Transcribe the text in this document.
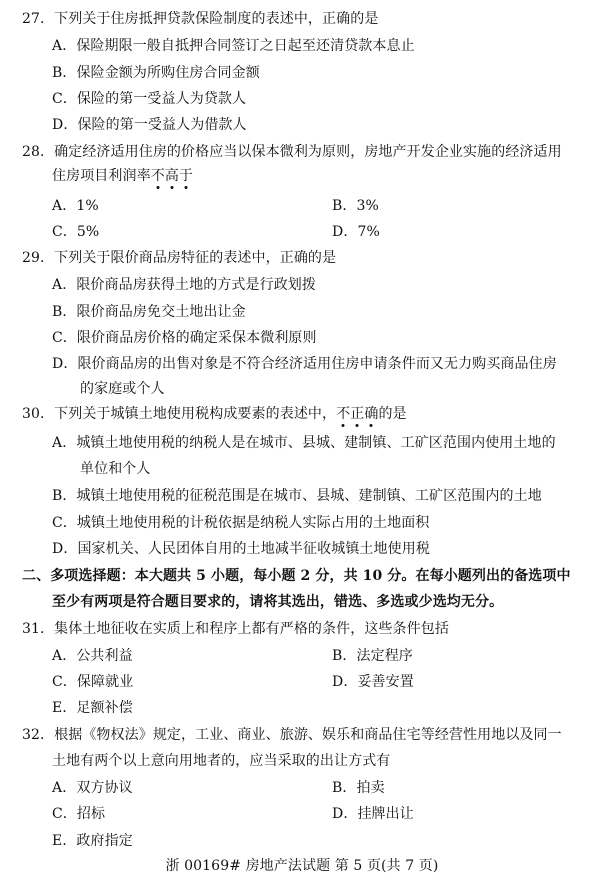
27．下列关于住房抵押贷款保险制度的表述中，正确的是
A．保险期限一般自抵押合同签订之日起至还清贷款本息止
B．保险金额为所购住房合同金额
C．保险的第一受益人为贷款人
D．保险的第一受益人为借款人
28．确定经济适用住房的价格应当以保本微利为原则，房地产开发企业实施的经济适用
住房项目利润率不
高
于
A．1%	B．3%
C．5%	D．7%
29．下列关于限价商品房特征的表述中，正确的是
A．限价商品房获得土地的方式是行政划拨
B．限价商品房免交土地出让金
C．限价商品房价格的确定采保本微利原则
D．限价商品房的出售对象是不符合经济适用住房申请条件而又无力购买商品住房
的家庭或个人
30．下列关于城镇土地使用税构成要素的表述中，不
正
确
的是
A．城镇土地使用税的纳税人是在城市、县城、建制镇、工矿区范围内使用土地的
单位和个人
B．城镇土地使用税的征税范围是在城市、县城、建制镇、工矿区范围内的土地
C．城镇土地使用税的计税依据是纳税人实际占用的土地面积
D．国家机关、人民团体自用的土地减半征收城镇土地使用税
二、多项选择题：本大题共 5 小题，每小题 2 分，共 10 分。在每小题列出的备选项中
至少有两项是符合题目要求的，请将其选出，错选、多选或少选均无分。
31．集体土地征收在实质上和程序上都有严格的条件，这些条件包括
A．公共利益	B．法定程序
C．保障就业	D．妥善安置
E．足额补偿
32．根据《物权法》规定，工业、商业、旅游、娱乐和商品住宅等经营性用地以及同一
土地有两个以上意向用地者的，应当采取的出让方式有
A．双方协议	B．拍卖
C．招标	D．挂牌出让
E．政府指定
浙 00169# 房地产法试题 第 5 页(共 7 页)
